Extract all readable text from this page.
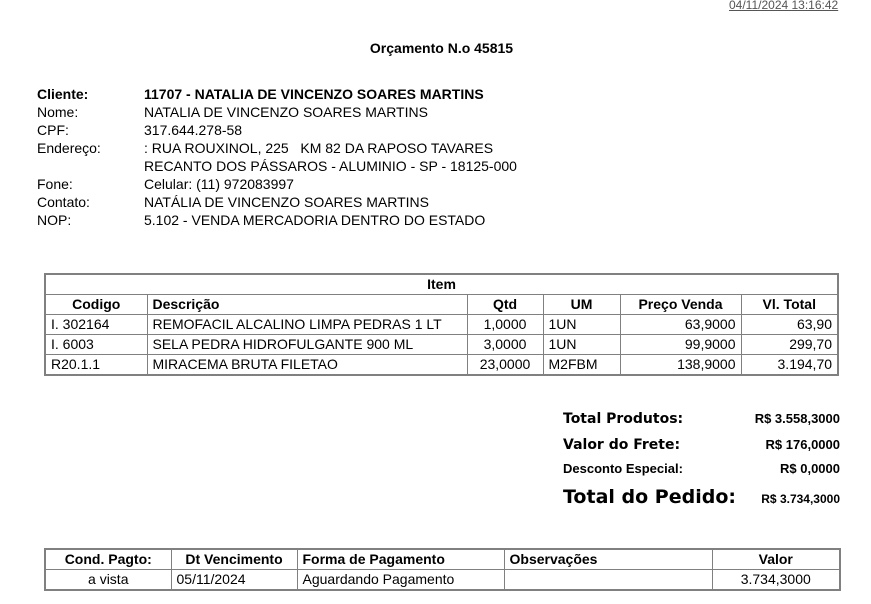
04/11/2024 13:16:42
Orçamento N.o 45815
Cliente:	11707 - NATALIA DE VINCENZO SOARES MARTINS
Nome:	NATALIA DE VINCENZO SOARES MARTINS
CPF:	317.644.278-58
Endereço:	: RUA ROUXINOL, 225   KM 82 DA RAPOSO TAVARES
	RECANTO DOS PÁSSAROS - ALUMINIO - SP - 18125-000
Fone:	Celular: (11) 972083997
Contato:	NATÁLIA DE VINCENZO SOARES MARTINS
NOP:	5.102 - VENDA MERCADORIA DENTRO DO ESTADO
Item					
Codigo	Descrição	Qtd	UM	Preço Venda	Vl. Total
I. 302164	REMOFACIL ALCALINO LIMPA PEDRAS 1 LT	1,0000	1UN	63,9000	63,90
I. 6003	SELA PEDRA HIDROFULGANTE 900 ML	3,0000	1UN	99,9000	299,70
R20.1.1	MIRACEMA BRUTA FILETAO	23,0000	M2FBM	138,9000	3.194,70
Total Produtos:	R$ 3.558,3000
Valor do Frete:	R$ 176,0000
Desconto Especial:	R$ 0,0000
Total do Pedido: R$ 3.734,3000
Cond. Pagto:	Dt Vencimento	Forma de Pagamento	Observações	Valor
a vista	05/11/2024	Aguardando Pagamento		3.734,3000
